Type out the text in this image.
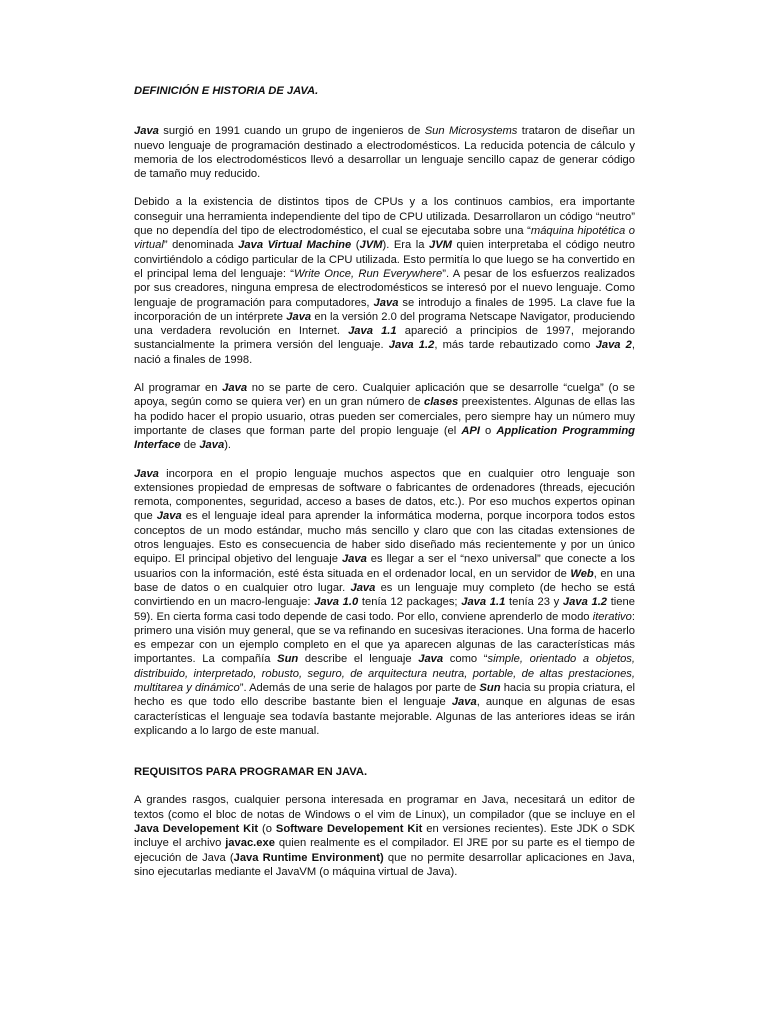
DEFINICIÓN E HISTORIA DE JAVA.

Java surgió en 1991 cuando un grupo de ingenieros de Sun Microsystems trataron de diseñar un nuevo lenguaje de programación destinado a electrodomésticos. La reducida potencia de cálculo y memoria de los electrodomésticos llevó a desarrollar un lenguaje sencillo capaz de generar código de tamaño muy reducido.

Debido a la existencia de distintos tipos de CPUs y a los continuos cambios, era importante conseguir una herramienta independiente del tipo de CPU utilizada. Desarrollaron un código “neutro” que no dependía del tipo de electrodoméstico, el cual se ejecutaba sobre una “máquina hipotética o virtual” denominada Java Virtual Machine (JVM). Era la JVM quien interpretaba el código neutro convirtiéndolo a código particular de la CPU utilizada. Esto permitía lo que luego se ha convertido en el principal lema del lenguaje: “Write Once, Run Everywhere”. A pesar de los esfuerzos realizados por sus creadores, ninguna empresa de electrodomésticos se interesó por el nuevo lenguaje. Como lenguaje de programación para computadores, Java se introdujo a finales de 1995. La clave fue la incorporación de un intérprete Java en la versión 2.0 del programa Netscape Navigator, produciendo una verdadera revolución en Internet. Java 1.1 apareció a principios de 1997, mejorando sustancialmente la primera versión del lenguaje. Java 1.2, más tarde rebautizado como Java 2, nació a finales de 1998.

Al programar en Java no se parte de cero. Cualquier aplicación que se desarrolle “cuelga” (o se apoya, según como se quiera ver) en un gran número de clases preexistentes. Algunas de ellas las ha podido hacer el propio usuario, otras pueden ser comerciales, pero siempre hay un número muy importante de clases que forman parte del propio lenguaje (el API o Application Programming Interface de Java).

Java incorpora en el propio lenguaje muchos aspectos que en cualquier otro lenguaje son extensiones propiedad de empresas de software o fabricantes de ordenadores (threads, ejecución remota, componentes, seguridad, acceso a bases de datos, etc.). Por eso muchos expertos opinan que Java es el lenguaje ideal para aprender la informática moderna, porque incorpora todos estos conceptos de un modo estándar, mucho más sencillo y claro que con las citadas extensiones de otros lenguajes. Esto es consecuencia de haber sido diseñado más recientemente y por un único equipo. El principal objetivo del lenguaje Java es llegar a ser el “nexo universal” que conecte a los usuarios con la información, esté ésta situada en el ordenador local, en un servidor de Web, en una base de datos o en cualquier otro lugar. Java es un lenguaje muy completo (de hecho se está convirtiendo en un macro-lenguaje: Java 1.0 tenía 12 packages; Java 1.1 tenía 23 y Java 1.2 tiene 59). En cierta forma casi todo depende de casi todo. Por ello, conviene aprenderlo de modo iterativo: primero una visión muy general, que se va refinando en sucesivas iteraciones. Una forma de hacerlo es empezar con un ejemplo completo en el que ya aparecen algunas de las características más importantes. La compañía Sun describe el lenguaje Java como “simple, orientado a objetos, distribuido, interpretado, robusto, seguro, de arquitectura neutra, portable, de altas prestaciones, multitarea y dinámico”. Además de una serie de halagos por parte de Sun hacia su propia criatura, el hecho es que todo ello describe bastante bien el lenguaje Java, aunque en algunas de esas características el lenguaje sea todavía bastante mejorable. Algunas de las anteriores ideas se irán explicando a lo largo de este manual.

REQUISITOS PARA PROGRAMAR EN JAVA.

A grandes rasgos, cualquier persona interesada en programar en Java, necesitará un editor de textos (como el bloc de notas de Windows o el vim de Linux), un compilador (que se incluye en el Java Developement Kit (o Software Developement Kit en versiones recientes). Este JDK o SDK incluye el archivo javac.exe quien realmente es el compilador. El JRE por su parte es el tiempo de ejecución de Java (Java Runtime Environment) que no permite desarrollar aplicaciones en Java, sino ejecutarlas mediante el JavaVM (o máquina virtual de Java).
